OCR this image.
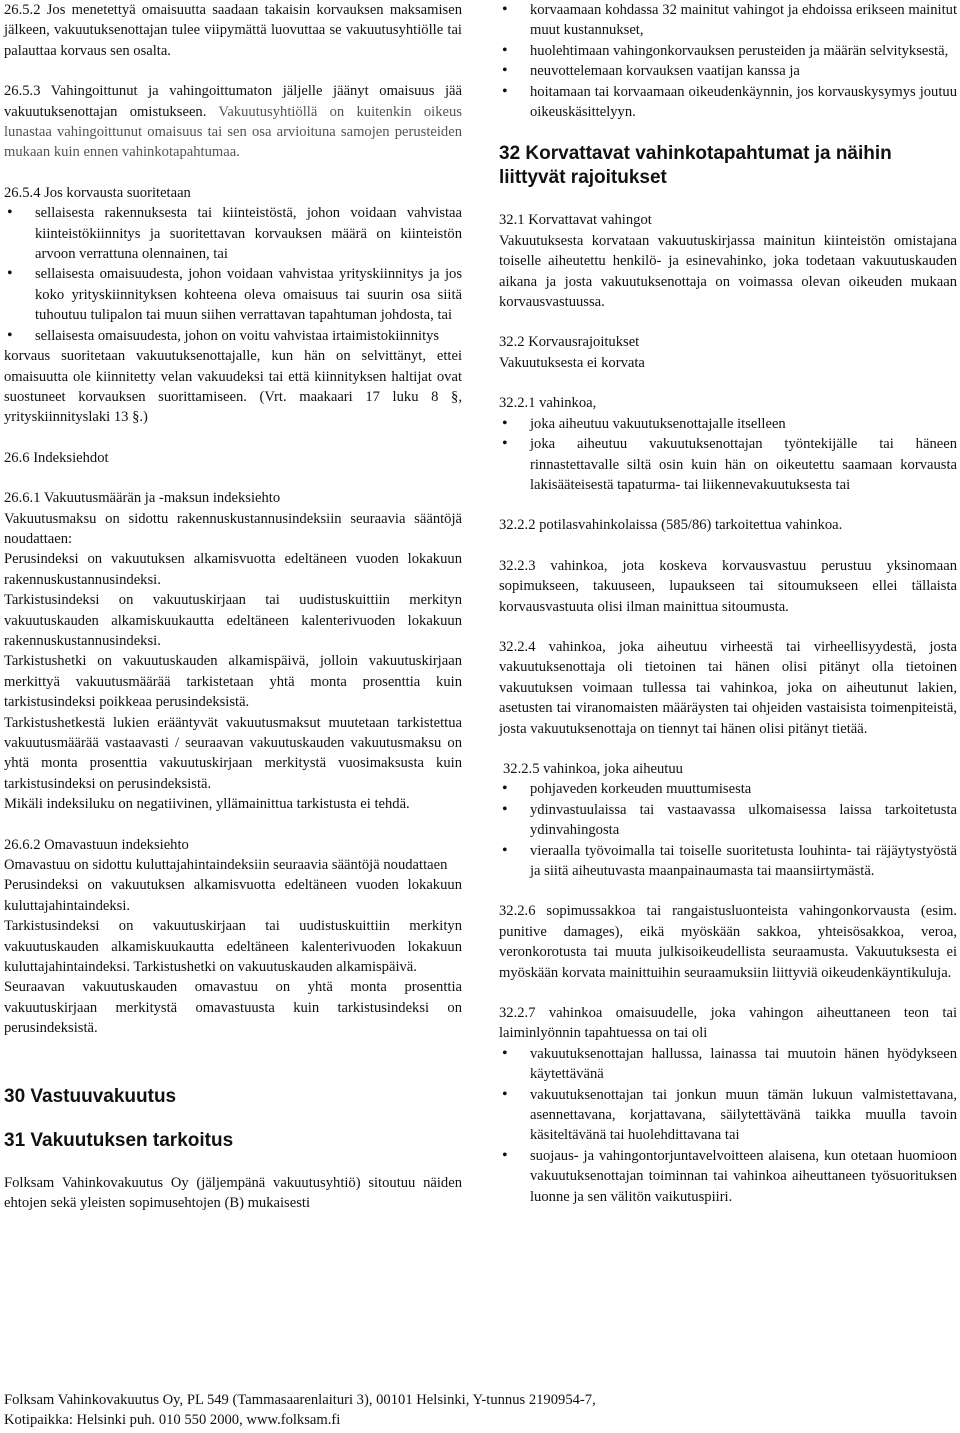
26.5.2 Jos menetettyä omaisuutta saadaan takaisin korvauksen maksamisen jälkeen, vakuutuksenottajan tulee viipymättä luovuttaa se vakuutusyhtiölle tai palauttaa korvaus sen osalta.

26.5.3 Vahingoittunut ja vahingoittumaton jäljelle jäänyt omaisuus jää vakuutuksenottajan omistukseen. Vakuutusyhtiöllä on kuitenkin oikeus lunastaa vahingoittunut omaisuus tai sen osa arvioituna samojen perusteiden mukaan kuin ennen vahinkotapahtumaa.

26.5.4 Jos korvausta suoritetaan

• sellaisesta rakennuksesta tai kiinteistöstä, johon voidaan vahvistaa kiinteistökiinnitys ja suoritettavan korvauksen määrä on kiinteistön arvoon verrattuna olennainen, tai
• sellaisesta omaisuudesta, johon voidaan vahvistaa yrityskiinnitys ja jos koko yrityskiinnityksen kohteena oleva omaisuus tai suurin osa siitä tuhoutuu tulipalon tai muun siihen verrattavan tapahtuman johdosta, tai
• sellaisesta omaisuudesta, johon on voitu vahvistaa irtaimistokiinnitys

korvaus suoritetaan vakuutuksenottajalle, kun hän on selvittänyt, ettei omaisuutta ole kiinnitetty velan vakuudeksi tai että kiinnityksen haltijat ovat suostuneet korvauksen suorittamiseen. (Vrt. maakaari 17 luku 8 §, yrityskiinnityslaki 13 §.)

26.6 Indeksiehdot

26.6.1 Vakuutusmäärän ja -maksun indeksiehto

Vakuutusmaksu on sidottu rakennuskustannusindeksiin seuraavia sääntöjä noudattaen:

Perusindeksi on vakuutuksen alkamisvuotta edeltäneen vuoden lokakuun rakennuskustannusindeksi.

Tarkistusindeksi on vakuutuskirjaan tai uudistuskuittiin merkityn vakuutuskauden alkamiskuukautta edeltäneen kalenterivuoden lokakuun rakennuskustannusindeksi.

Tarkistushetki on vakuutuskauden alkamispäivä, jolloin vakuutuskirjaan merkittyä vakuutusmäärää tarkistetaan yhtä monta prosenttia kuin tarkistusindeksi poikkeaa perusindeksistä.

Tarkistushetkestä lukien erääntyvät vakuutusmaksut muutetaan tarkistettua vakuutusmäärää vastaavasti / seuraavan vakuutuskauden vakuutusmaksu on yhtä monta prosenttia vakuutuskirjaan merkitystä vuosimaksusta kuin tarkistusindeksi on perusindeksistä.

Mikäli indeksiluku on negatiivinen, yllämainittua tarkistusta ei tehdä.

26.6.2 Omavastuun indeksiehto

Omavastuu on sidottu kuluttajahintaindeksiin seuraavia sääntöjä noudattaen

Perusindeksi on vakuutuksen alkamisvuotta edeltäneen vuoden lokakuun kuluttajahintaindeksi.

Tarkistusindeksi on vakuutuskirjaan tai uudistuskuittiin merkityn vakuutuskauden alkamiskuukautta edeltäneen kalenterivuoden lokakuun kuluttajahintaindeksi. Tarkistushetki on vakuutuskauden alkamispäivä.

Seuraavan vakuutuskauden omavastuu on yhtä monta prosenttia vakuutuskirjaan merkitystä omavastuusta kuin tarkistusindeksi on perusindeksistä.

30 Vastuuvakuutus
31 Vakuutuksen tarkoitus

Folksam Vahinkovakuutus Oy (jäljempänä vakuutusyhtiö) sitoutuu näiden ehtojen sekä yleisten sopimusehtojen (B) mukaisesti

• korvaamaan kohdassa 32 mainitut vahingot ja ehdoissa erikseen mainitut muut kustannukset,
• huolehtimaan vahingonkorvauksen perusteiden ja määrän selvityksestä,
• neuvottelemaan korvauksen vaatijan kanssa ja
• hoitamaan tai korvaamaan oikeudenkäynnin, jos korvauskysymys joutuu oikeuskäsittelyyn.
32 Korvattavat vahinkotapahtumat ja näihin liittyvät rajoitukset

32.1 Korvattavat vahingot

Vakuutuksesta korvataan vakuutuskirjassa mainitun kiinteistön omistajana toiselle aiheutettu henkilö- ja esinevahinko, joka todetaan vakuutuskauden aikana ja josta vakuutuksenottaja on voimassa olevan oikeuden mukaan korvausvastuussa.

32.2 Korvausrajoitukset

Vakuutuksesta ei korvata

32.2.1 vahinkoa,

• joka aiheutuu vakuutuksenottajalle itselleen
• joka aiheutuu vakuutuksenottajan työntekijälle tai häneen rinnastettavalle siltä osin kuin hän on oikeutettu saamaan korvausta lakisääteisestä tapaturma- tai liikennevakuutuksesta tai

32.2.2 potilasvahinkolaissa (585/86) tarkoitettua vahinkoa.

32.2.3 vahinkoa, jota koskeva korvausvastuu perustuu yksinomaan sopimukseen, takuuseen, lupaukseen tai sitoumukseen ellei tällaista korvausvastuuta olisi ilman mainittua sitoumusta.

32.2.4 vahinkoa, joka aiheutuu virheestä tai virheellisyydestä, josta vakuutuksenottaja oli tietoinen tai hänen olisi pitänyt olla tietoinen vakuutuksen voimaan tullessa tai vahinkoa, joka on aiheutunut lakien, asetusten tai viranomaisten määräysten tai ohjeiden vastaisista toimenpiteistä, josta vakuutuksenottaja on tiennyt tai hänen olisi pitänyt tietää.

32.2.5 vahinkoa, joka aiheutuu

• pohjaveden korkeuden muuttumisesta
• ydinvastuulaissa tai vastaavassa ulkomaisessa laissa tarkoitetusta ydinvahingosta
• vieraalla työvoimalla tai toiselle suoritetusta louhinta- tai räjäytystyöstä ja siitä aiheutuvasta maanpainaumasta tai maansiirtymästä.

32.2.6 sopimussakkoa tai rangaistusluonteista vahingonkorvausta (esim. punitive damages), eikä myöskään sakkoa, yhteisösakkoa, veroa, veronkorotusta tai muuta julkisoikeudellista seuraamusta. Vakuutuksesta ei myöskään korvata mainittuihin seuraamuksiin liittyviä oikeudenkäyntikuluja.

32.2.7 vahinkoa omaisuudelle, joka vahingon aiheuttaneen teon tai laiminlyönnin tapahtuessa on tai oli

• vakuutuksenottajan hallussa, lainassa tai muutoin hänen hyödykseen käytettävänä
• vakuutuksenottajan tai jonkun muun tämän lukuun valmistettavana, asennettavana, korjattavana, säilytettävänä taikka muulla tavoin käsiteltävänä tai huolehdittavana tai
• suojaus- ja vahingontorjuntavelvoitteen alaisena, kun otetaan huomioon vakuutuksenottajan toiminnan tai vahinkoa aiheuttaneen työsuorituksen luonne ja sen välitön vaikutuspiiri.
Folksam Vahinkovakuutus Oy, PL 549 (Tammasaarenlaituri 3), 00101 Helsinki, Y-tunnus 2190954-7,
Kotipaikka: Helsinki puh. 010 550 2000, www.folksam.fi
